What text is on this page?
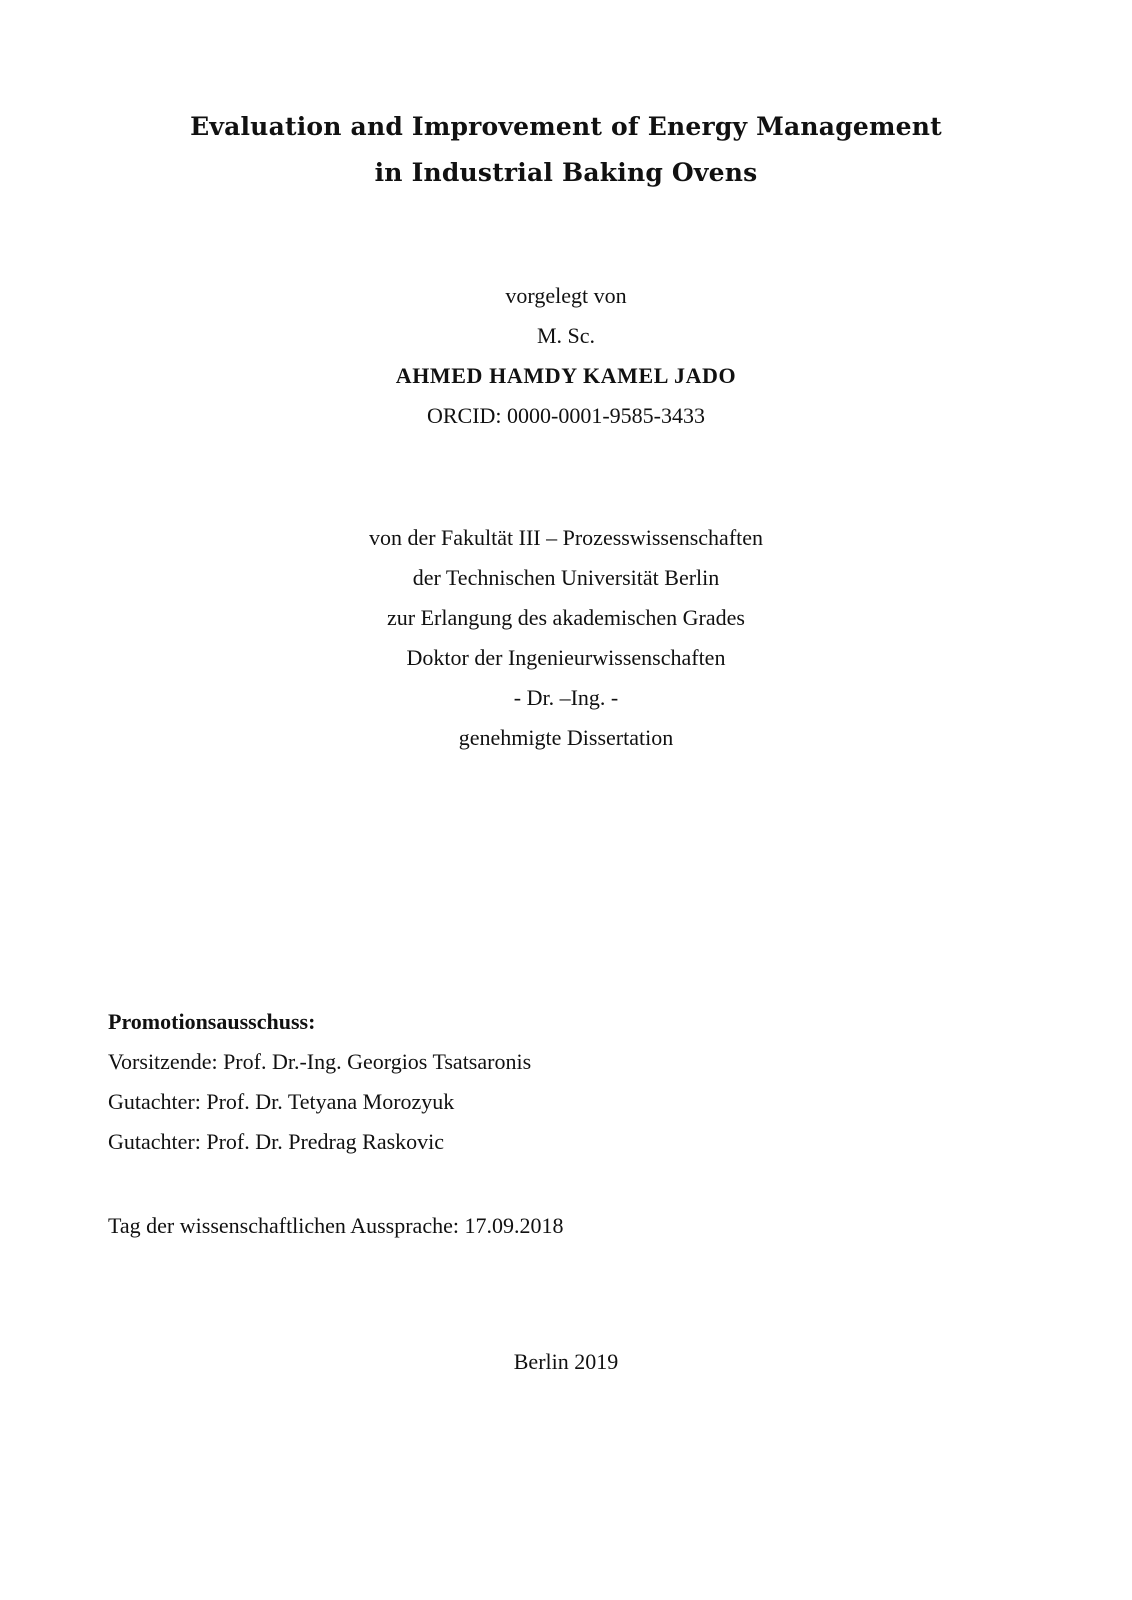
Evaluation and Improvement of Energy Management
in Industrial Baking Ovens
vorgelegt von
M. Sc.
AHMED HAMDY KAMEL JADO
ORCID: 0000-0001-9585-3433
von der Fakultät III – Prozesswissenschaften
der Technischen Universität Berlin
zur Erlangung des akademischen Grades
Doktor der Ingenieurwissenschaften
- Dr. –Ing. -
genehmigte Dissertation
Promotionsausschuss:
Vorsitzende: Prof. Dr.-Ing. Georgios Tsatsaronis
Gutachter: Prof. Dr. Tetyana Morozyuk
Gutachter: Prof. Dr. Predrag Raskovic
Tag der wissenschaftlichen Aussprache: 17.09.2018
Berlin 2019
